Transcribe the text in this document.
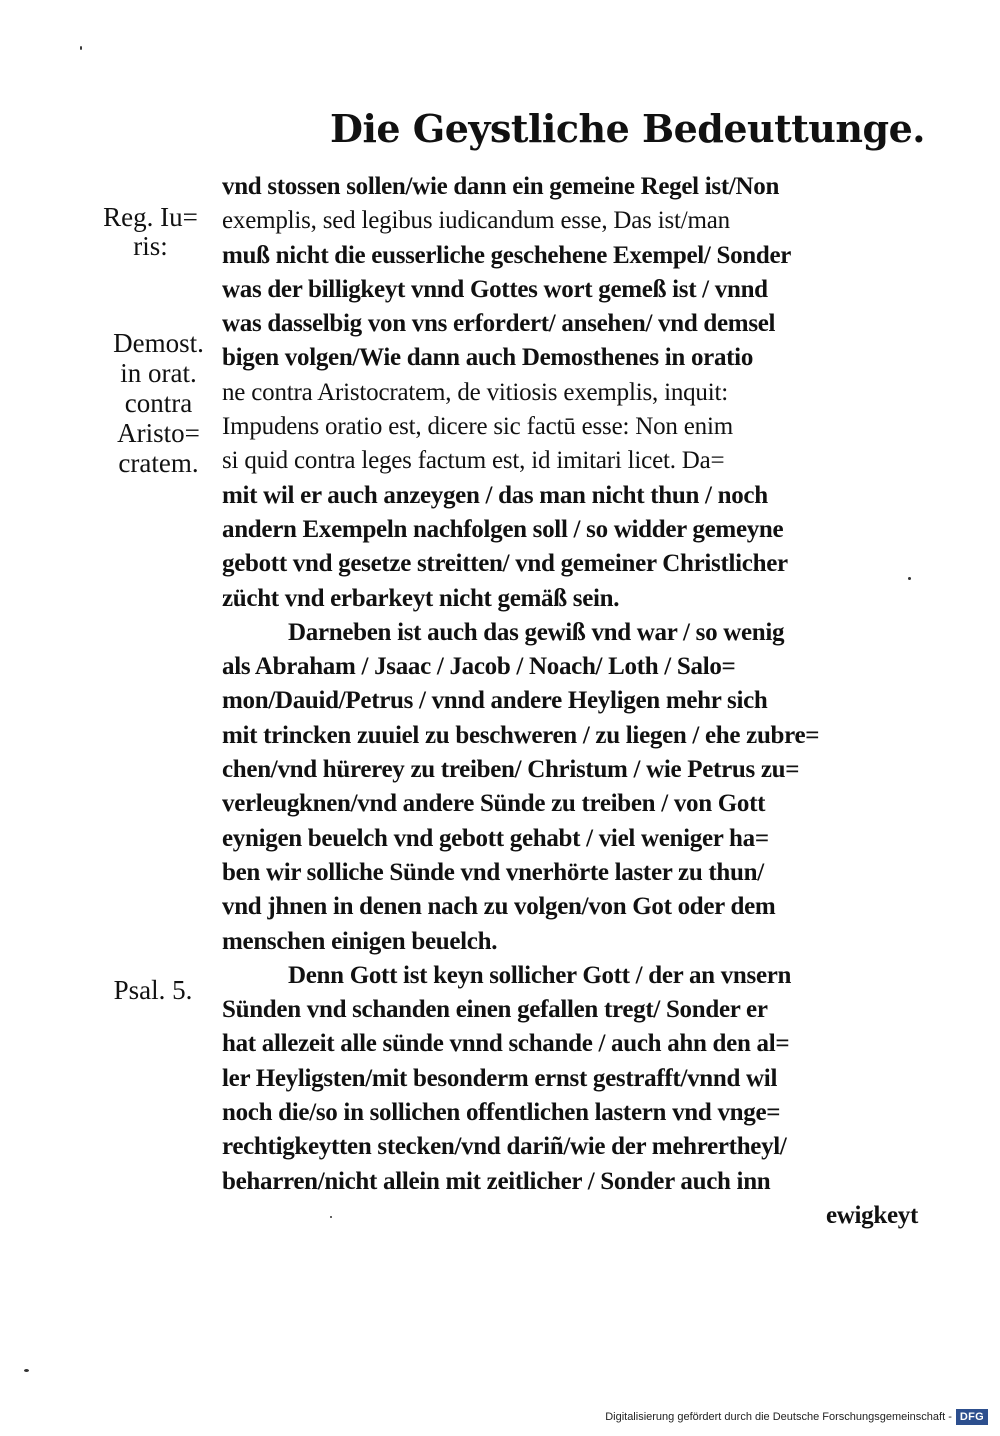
Die Geystliche Bedeuttunge.
Reg. Iu=
ris:
Demost.
in orat.
contra
Aristo=
cratem.
Psal. 5.
vnd stossen sollen/wie dann ein gemeine Regel ist/Non
exemplis, sed legibus iudicandum esse, Das ist/man
muß nicht die eusserliche geschehene Exempel/ Sonder
was der billigkeyt vnnd Gottes wort gemeß ist / vnnd
was dasselbig von vns erfordert/ ansehen/ vnd demsel
bigen volgen/Wie dann auch Demosthenes in oratio
ne contra Aristocratem, de vitiosis exemplis, inquit:
Impudens oratio est, dicere sic factū esse: Non enim
si quid contra leges factum est, id imitari licet. Da=
mit wil er auch anzeygen / das man nicht thun / noch
andern Exempeln nachfolgen soll / so widder gemeyne
gebott vnd gesetze streitten/ vnd gemeiner Christlicher
zücht vnd erbarkeyt nicht gemäß sein.
Darneben ist auch das gewiß vnd war / so wenig
als Abraham / Jsaac / Jacob / Noach/ Loth / Salo=
mon/Dauid/Petrus / vnnd andere Heyligen mehr sich
mit trincken zuuiel zu beschweren / zu liegen / ehe zubre=
chen/vnd hürerey zu treiben/ Christum / wie Petrus zu=
verleugknen/vnd andere Sünde zu treiben / von Gott
eynigen beuelch vnd gebott gehabt / viel weniger ha=
ben wir solliche Sünde vnd vnerhörte laster zu thun/
vnd jhnen in denen nach zu volgen/von Got oder dem
menschen einigen beuelch.
Denn Gott ist keyn sollicher Gott / der an vnsern
Sünden vnd schanden einen gefallen tregt/ Sonder er
hat allezeit alle sünde vnnd schande / auch ahn den al=
ler Heyligsten/mit besonderm ernst gestrafft/vnnd wil
noch die/so in sollichen offentlichen lastern vnd vnge=
rechtigkeytten stecken/vnd dariñ/wie der mehrertheyl/
beharren/nicht allein mit zeitlicher / Sonder auch inn
ewigkeyt
Digitalisierung gefördert durch die Deutsche Forschungsgemeinschaft - DFG
